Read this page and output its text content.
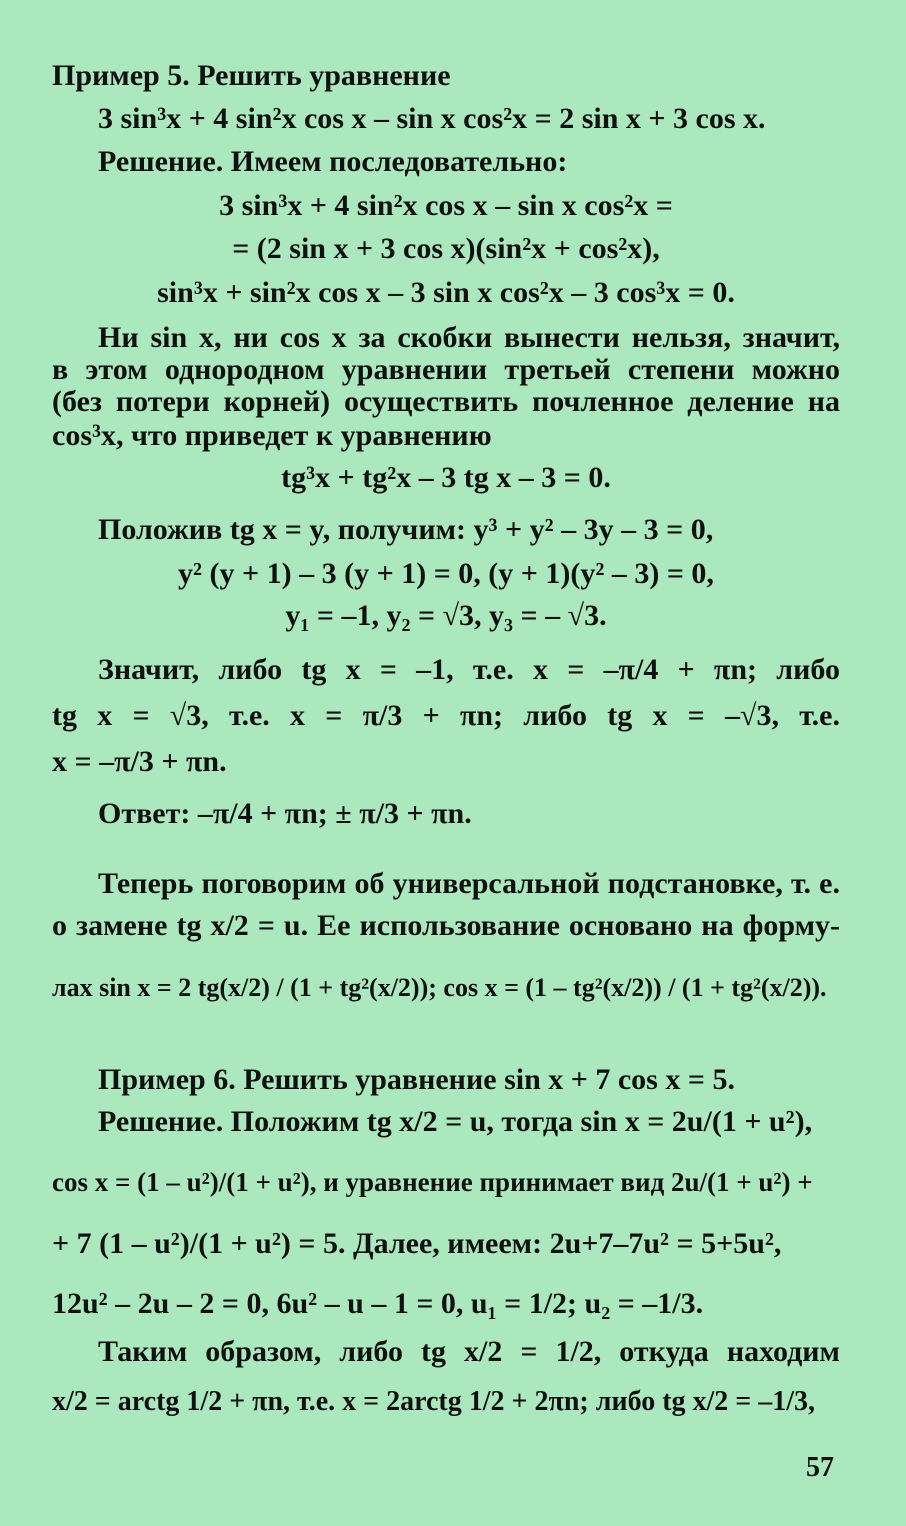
Пример 5. Решить уравнение
3 sin³x + 4 sin²x cos x – sin x cos²x = 2 sin x + 3 cos x.
Решение. Имеем последовательно:
3 sin³x + 4 sin²x cos x – sin x cos²x =
= (2 sin x + 3 cos x)(sin²x + cos²x),
sin³x + sin²x cos x – 3 sin x cos²x – 3 cos³x = 0.
Ни sin x, ни cos x за скобки вынести нельзя, значит,
в этом однородном уравнении третьей степени можно
(без потери корней) осуществить почленное деление на
cos³x, что приведет к уравнению
tg³x + tg²x – 3 tg x – 3 = 0.
Положив tg x = y, получим: y³ + y² – 3y – 3 = 0,
y² (y + 1) – 3 (y + 1) = 0, (y + 1)(y² – 3) = 0,
y₁ = –1, y₂ = √3, y₃ = – √3.
Значит, либо tg x = –1, т.е. x = –π/4 + πn; либо
tg x = √3, т.е. x = π/3 + πn; либо tg x = –√3, т.е.
x = –π/3 + πn.
Ответ: –π/4 + πn; ± π/3 + πn.
Теперь поговорим об универсальной подстановке, т. е.
о замене tg x/2 = u. Ее использование основано на форму-
лах sin x = 2 tg(x/2) / (1 + tg²(x/2)); cos x = (1 – tg²(x/2)) / (1 + tg²(x/2)).
Пример 6. Решить уравнение sin x + 7 cos x = 5.
Решение. Положим tg x/2 = u, тогда sin x = 2u/(1 + u²),
cos x = (1 – u²)/(1 + u²), и уравнение принимает вид 2u/(1 + u²) +
+ 7 (1 – u²)/(1 + u²) = 5. Далее, имеем: 2u+7–7u² = 5+5u²,
12u² – 2u – 2 = 0, 6u² – u – 1 = 0, u₁ = 1/2; u₂ = –1/3.
Таким образом, либо tg x/2 = 1/2, откуда находим
x/2 = arctg 1/2 + πn, т.е. x = 2arctg 1/2 + 2πn; либо tg x/2 = –1/3,
57
